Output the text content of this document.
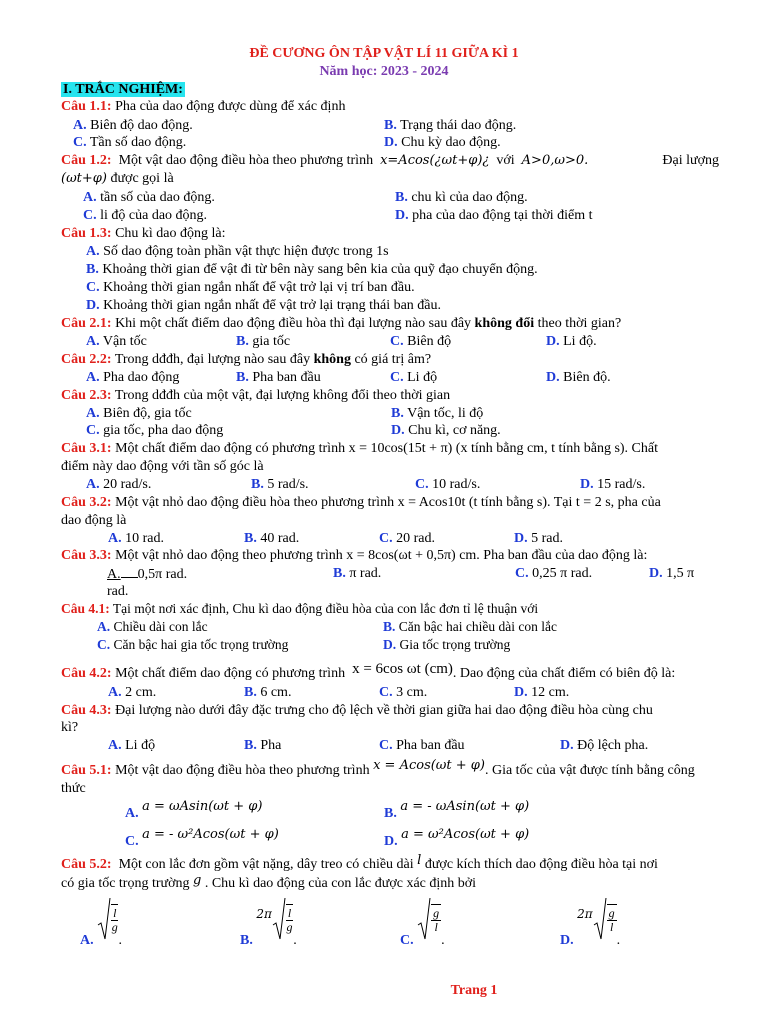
ĐỀ CƯƠNG ÔN TẬP VẬT LÍ 11 GIỮA KÌ 1
Năm học: 2023 - 2024
I. TRẮC NGHIỆM:
Câu 1.1: Pha của dao động được dùng để xác định
A. Biên độ dao động.	B. Trạng thái dao động.
C. Tần số dao động.	D. Chu kỳ dao động.
Câu 1.2: Một vật dao động điều hòa theo phương trình x=Acos(¿ωt+φ)¿ với A>0,ω>0.	Đại lượng
(ωt+φ) được gọi là
A. tần số của dao động.	B. chu kì của dao động.
C. li độ của dao động.	D. pha của dao động tại thời điểm t
Câu 1.3: Chu kì dao động là:
A. Số dao động toàn phần vật thực hiện được trong 1s
B. Khoảng thời gian để vật đi từ bên này sang bên kia của quỹ đạo chuyển động.
C. Khoảng thời gian ngắn nhất để vật trở lại vị trí ban đầu.
D. Khoảng thời gian ngắn nhất để vật trở lại trạng thái ban đầu.
Câu 2.1: Khi một chất điểm dao động điều hòa thì đại lượng nào sau đây không đổi theo thời gian?
A. Vận tốc	B. gia tốc	C. Biên độ	D. Li độ.
Câu 2.2: Trong dđđh, đại lượng nào sau đây không có giá trị âm?
A. Pha dao động	B. Pha ban đầu	C. Li độ	D. Biên độ.
Câu 2.3: Trong dđđh của một vật, đại lượng không đổi theo thời gian
A. Biên độ, gia tốc	B. Vận tốc, li độ
C. gia tốc, pha dao động	D. Chu kì, cơ năng.
Câu 3.1: Một chất điểm dao động có phương trình x = 10cos(15t + π) (x tính bằng cm, t tính bằng s). Chất
điểm này dao động với tần số góc là
A. 20 rad/s.	B. 5 rad/s.	C. 10 rad/s.	D. 15 rad/s.
Câu 3.2: Một vật nhỏ dao động điều hòa theo phương trình x = Acos10t (t tính bằng s). Tại t = 2 s, pha của
dao động là
A. 10 rad.	B. 40 rad.	C. 20 rad.	D. 5 rad.
Câu 3.3: Một vật nhỏ dao động theo phương trình x = 8cos(ωt + 0,5π) cm. Pha ban đầu của dao động là:
A. 0,5π rad.	B. π rad.	C. 0,25 π rad.	D. 1,5 π
rad.
Câu 4.1: Tại một nơi xác định, Chu kì dao động điều hòa của con lắc đơn tỉ lệ thuận với
A. Chiều dài con lắc	B. Căn bậc hai chiều dài con lắc
C. Căn bậc hai gia tốc trọng trường	D. Gia tốc trọng trường
Câu 4.2: Một chất điểm dao động có phương trình x = 6cos ωt (cm). Dao động của chất điểm có biên độ là:
A. 2 cm.	B. 6 cm.	C. 3 cm.	D. 12 cm.
Câu 4.3: Đại lượng nào dưới đây đặc trưng cho độ lệch về thời gian giữa hai dao động điều hòa cùng chu
kì?
A. Li độ	B. Pha	C. Pha ban đầu	D. Độ lệch pha.
Câu 5.1: Một vật dao động điều hòa theo phương trình x = Acos(ωt + φ). Gia tốc của vật được tính bằng công
thức
A. a = ωAsin(ωt + φ)	B. a = - ωAsin(ωt + φ)
C. a = - ω²Acos(ωt + φ)	D. a = ω²Acos(ωt + φ)
Câu 5.2: Một con lắc đơn gồm vật nặng, dây treo có chiều dài l được kích thích dao động điều hòa tại nơi
có gia tốc trọng trường g . Chu kì dao động của con lắc được xác định bởi
A.
$\frac{l}{g}$
.	B. $2\pi \frac{l}{g}$
.	C.
$\frac{g}{l}$
.	D. $2\pi \frac{g}{l}$
.
Trang 1
